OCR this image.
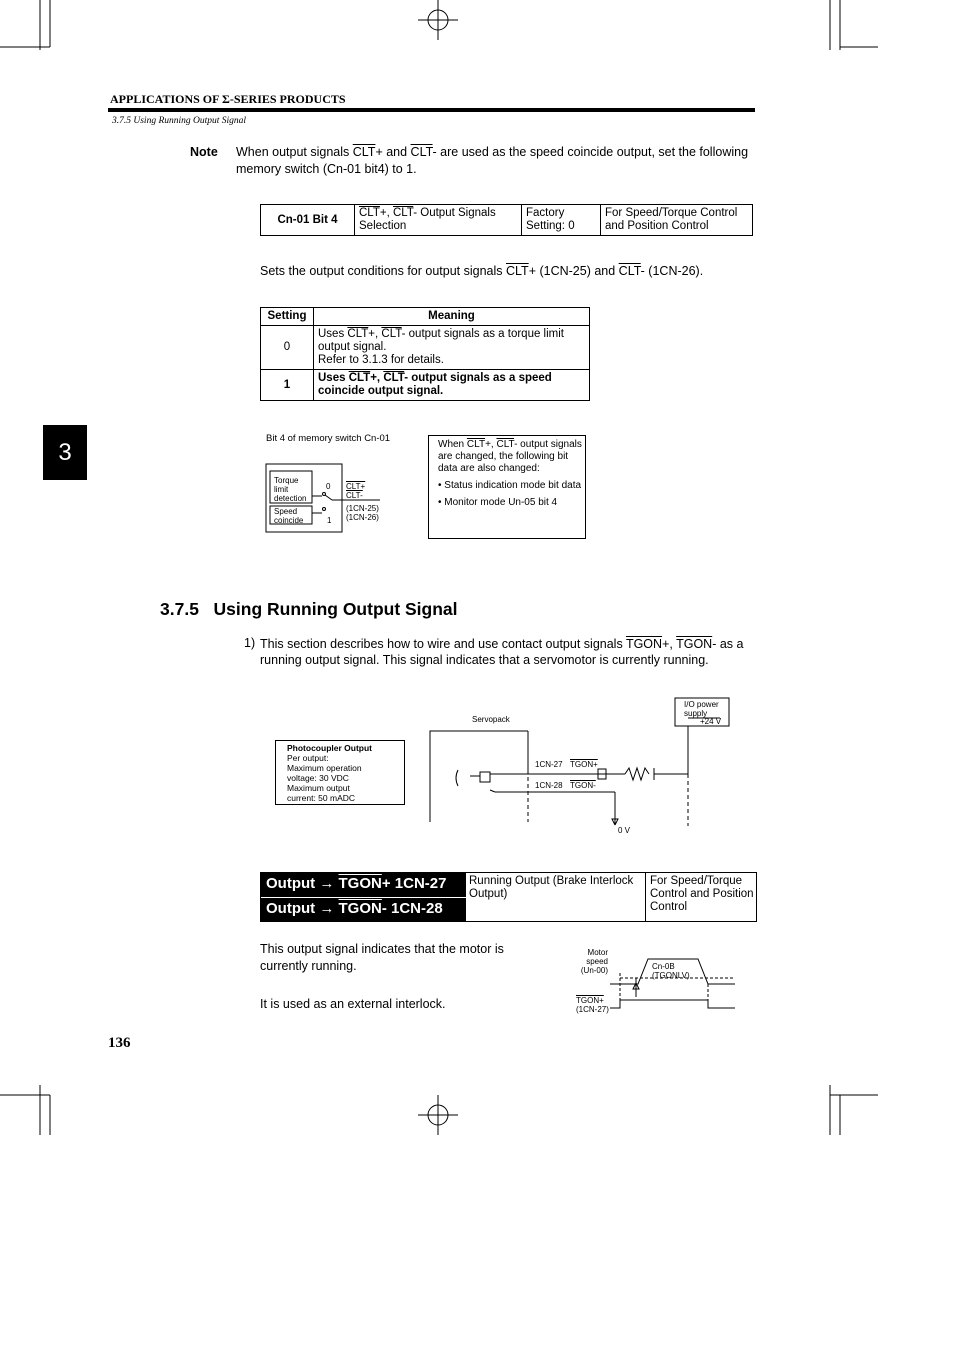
APPLICATIONS OF Σ-SERIES PRODUCTS
3.7.5 Using Running Output Signal
Note When output signals $\overline{CLT}+$ and $\overline{CLT}-$ are used as the speed coincide output, set the following memory switch (Cn-01 bit4) to 1.
Cn-01 Bit 4	$\overline{CLT}+$, $\overline{CLT}-$ Output Signals Selection	Factory Setting: 0	For Speed/Torque Control and Position Control
Sets the output conditions for output signals $\overline{CLT}+ (1CN-25)$ and $\overline{CLT}-$ (1CN-26).
Setting	Meaning
0	Uses $\overline{CLT}+$, $\overline{CLT}-$ output signals as a torque limit output signal.
Refer to 3.1.3 for details.
1	Uses $\overline{CLT}+$, $\overline{CLT}-$ output signals as a speed coincide output signal.
3	Bit 4 of memory switch Cn-01
Torque limit detection
Speed coincide
0
1
CLT+
CLT-
(1CN-25)
(1CN-26)

When $\overline{CLT}+$, $\overline{CLT}-$ output signals are changed, the following bit data are also changed:

• Status indication mode bit data

• Monitor mode Un-05 bit 4

3.7.5 Using Running Output Signal
1) This section describes how to wire and use contact output signals TGON+, TGON- as a running output signal. This signal indicates that a servomotor is currently running.
Servopack
I/O power supply
+24 V
Photocoupler Output
Per output:
Maximum operation
voltage: 30 VDC
Maximum output
current: 50 mADC
1CN-27
1CN-28
TGON+
TGON-
0 V
Output → TGON+ 1CN-27
Output → TGON- 1CN-28
Running Output (Brake Interlock Output)
For Speed/Torque Control and Position Control
This output signal indicates that the motor is currently running.
It is used as an external interlock.
Motor speed (Un-00)	Cn-0B
(TGONLV)
TGON+
(1CN-27)
136
